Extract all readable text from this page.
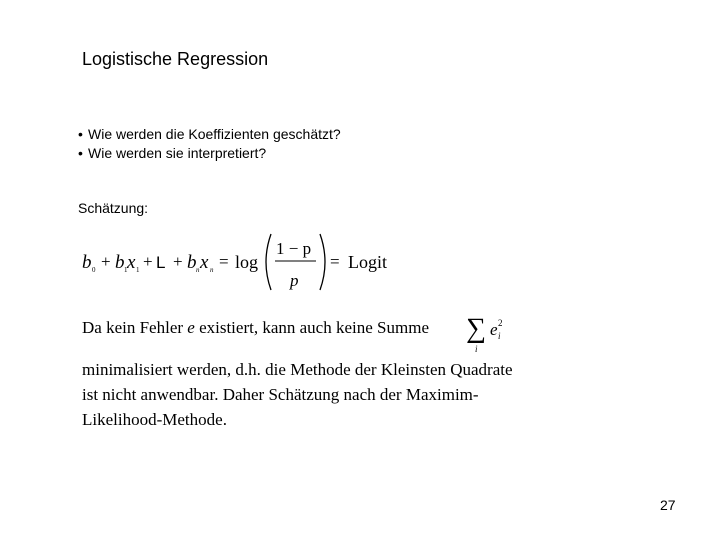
Logistische Regression
• Wie werden die Koeffizienten geschätzt?
• Wie werden sie interpretiert?
Schätzung:
b 0 + b 1 x 1 + L + b n x n = log
1 − p
p
= Logit
Da kein Fehler e existiert, kann auch keine Summe ∑ e 2
i
i
minimalisiert werden, d.h. die Methode der Kleinsten Quadrate
ist nicht anwendbar. Daher Schätzung nach der Maximim-
Likelihood-Methode.
27
